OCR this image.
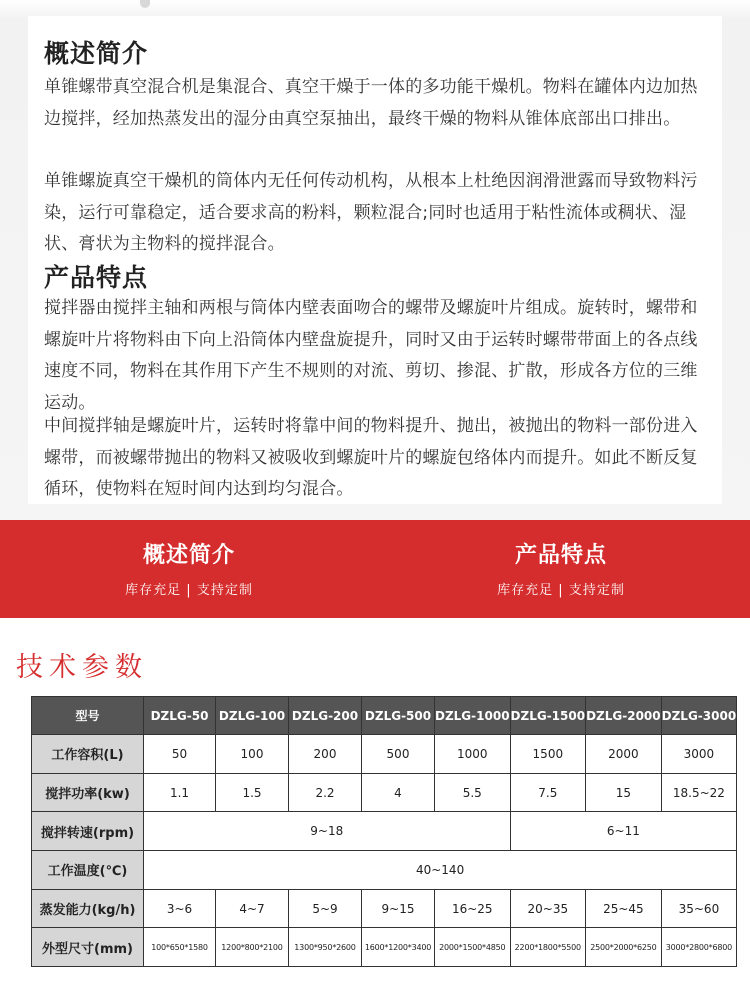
概述简介
单锥螺带真空混合机是集混合、真空干燥于一体的多功能干燥机。物料在罐体内边加热边搅拌，经加热蒸发出的湿分由真空泵抽出，最终干燥的物料从锥体底部出口排出。
单锥螺旋真空干燥机的筒体内无任何传动机构，从根本上杜绝因润滑泄露而导致物料污染，运行可靠稳定，适合要求高的粉料，颗粒混合;同时也适用于粘性流体或稠状、湿状、膏状为主物料的搅拌混合。
产品特点
搅拌器由搅拌主轴和两根与筒体内壁表面吻合的螺带及螺旋叶片组成。旋转时，螺带和螺旋叶片将物料由下向上沿筒体内壁盘旋提升，同时又由于运转时螺带带面上的各点线速度不同，物料在其作用下产生不规则的对流、剪切、掺混、扩散，形成各方位的三维运动。
中间搅拌轴是螺旋叶片，运转时将靠中间的物料提升、抛出，被抛出的物料一部份进入螺带，而被螺带抛出的物料又被吸收到螺旋叶片的螺旋包络体内而提升。如此不断反复循环，使物料在短时间内达到均匀混合。
概述简介
库存充足 | 支持定制
产品特点
库存充足 | 支持定制
技术参数
型号	DZLG-50	DZLG-100	DZLG-200	DZLG-500	DZLG-1000	DZLG-1500	DZLG-2000	DZLG-3000
工作容积(L)	50	100	200	500	1000	1500	2000	3000
搅拌功率(kw)	1.1	1.5	2.2	4	5.5	7.5	15	18.5~22
搅拌转速(rpm)	9~18					6~11		
工作温度(℃)	40~140							
蒸发能力(kg/h)	3~6	4~7	5~9	9~15	16~25	20~35	25~45	35~60
外型尺寸(mm)	100*650*1580	1200*800*2100	1300*950*2600	1600*1200*3400	2000*1500*4850	2200*1800*5500	2500*2000*6250	3000*2800*6800
